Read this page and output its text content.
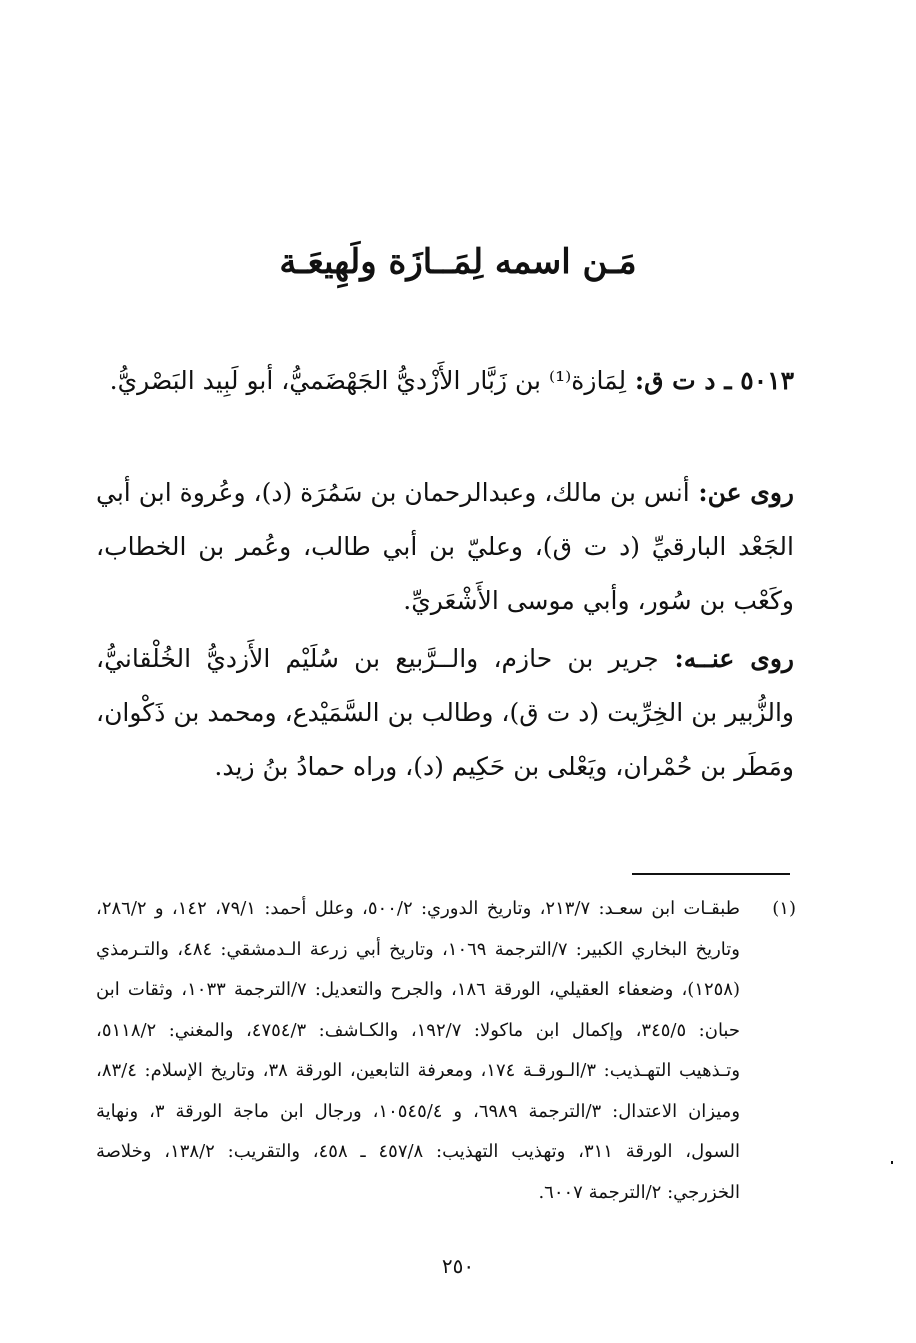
مَـن اسمه لِمَــازَة ولَهِيعَـة

٥٠١٣ ـ د ت ق: لِمَازة⁽¹⁾ بن زَبَّار الأَزْديُّ الجَهْضَميُّ، أبو لَبِيد البَصْريُّ.

روى عن: أنس بن مالك، وعبدالرحمان بن سَمُرَة (د)، وعُروة ابن أبي الجَعْد البارقيِّ (د ت ق)، وعليّ بن أبي طالب، وعُمر بن الخطاب، وكَعْب بن سُور، وأبي موسى الأَشْعَريِّ.

روى عنــه: جرير بن حازم، والــرَّبيع بن سُلَيْم الأَزديُّ الخُلْقانيُّ، والزُّبير بن الخِرِّيت (د ت ق)، وطالب بن السَّمَيْدع، ومحمد بن ذَكْوان، ومَطَر بن حُمْران، ويَعْلى بن حَكِيم (د)، وراه حمادُ بنُ زيد.

(١)
طبقـات ابن سعـد: ٢١٣/٧، وتاريخ الدوري: ٥٠٠/٢، وعلل أحمد: ٧٩/١، ١٤٢، و ٢٨٦/٢، وتاريخ البخاري الكبير: ٧/الترجمة ١٠٦٩، وتاريخ أبي زرعة الـدمشقي: ٤٨٤، والتـرمذي (١٢٥٨)، وضعفاء العقيلي، الورقة ١٨٦، والجرح والتعديل: ٧/الترجمة ١٠٣٣، وثقات ابن حبان: ٣٤٥/٥، وإكمال ابن ماكولا: ١٩٢/٧، والكـاشف: ٤٧٥٤/٣، والمغني: ٥١١٨/٢، وتـذهيب التهـذيب: ٣/الـورقـة ١٧٤، ومعرفة التابعين، الورقة ٣٨، وتاريخ الإسلام: ٨٣/٤، وميزان الاعتدال: ٣/الترجمة ٦٩٨٩، و ١٠٥٤٥/٤، ورجال ابن ماجة الورقة ٣، ونهاية السول، الورقة ٣١١، وتهذيب التهذيب: ٤٥٧/٨ ـ ٤٥٨، والتقريب: ١٣٨/٢، وخلاصة الخزرجي: ٢/الترجمة ٦٠٠٧.
٢٥٠
